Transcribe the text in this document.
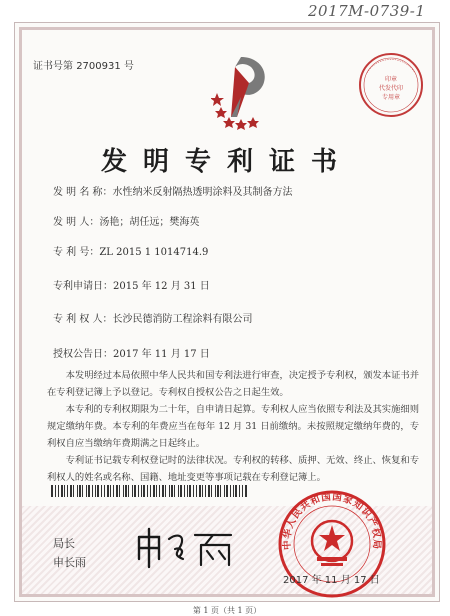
2017M-0739-1
证书号第 2700931 号
印章
代发代印
专用章
发明专利证书
发 明 名 称：水性纳米反射隔热透明涂料及其制备方法
发 明 人：汤艳；胡任远；樊海英
专 利 号：ZL 2015 1 1014714.9
专利申请日：2015 年 12 月 31 日
专 利 权 人：长沙民德消防工程涂料有限公司
授权公告日：2017 年 11 月 17 日

本发明经过本局依照中华人民共和国专利法进行审查，决定授予专利权，颁发本证书并在专利登记簿上予以登记。专利权自授权公告之日起生效。

本专利的专利权期限为二十年，自申请日起算。专利权人应当依照专利法及其实施细则规定缴纳年费。本专利的年费应当在每年 12 月 31 日前缴纳。未按照规定缴纳年费的，专利权自应当缴纳年费期满之日起终止。

专利证书记载专利权登记时的法律状况。专利权的转移、质押、无效、终止、恢复和专利权人的姓名或名称、国籍、地址变更等事项记载在专利登记簿上。

局长
申长雨
中华人民共和国国家知识产权局
2017 年 11 月 17 日
第 1 页（共 1 页）
